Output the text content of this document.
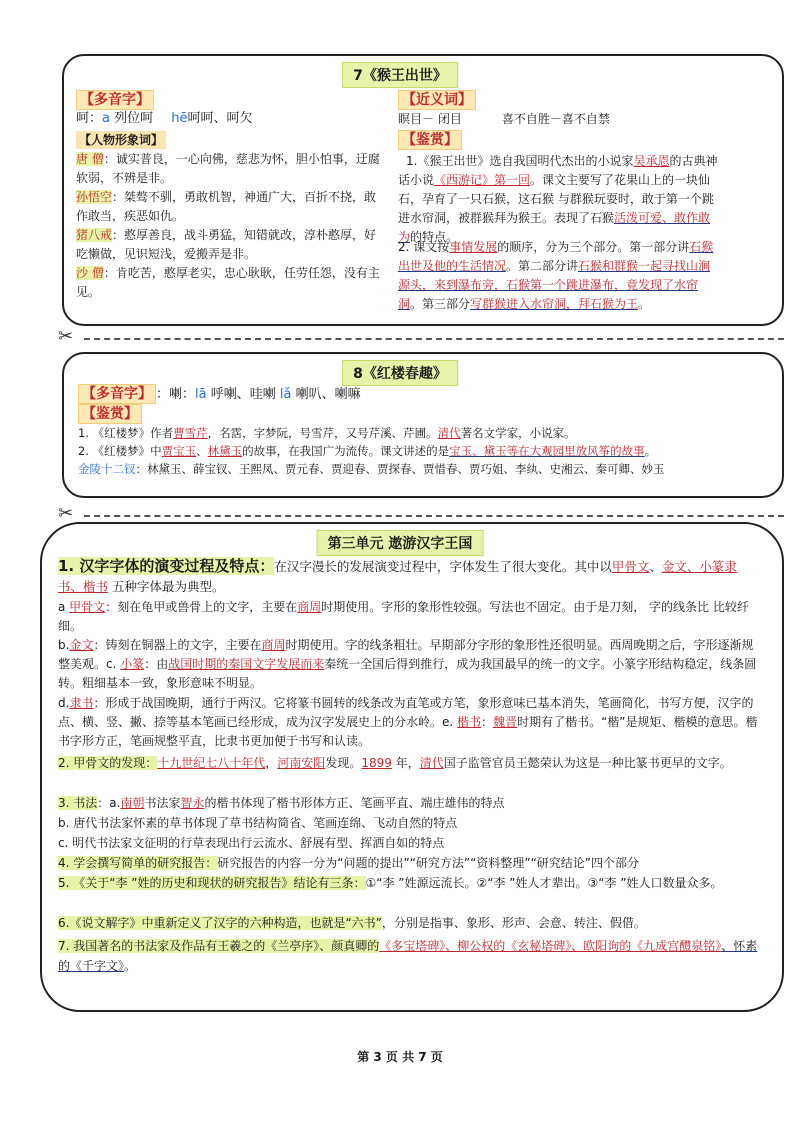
7《猴王出世》
【多音字】
呵：a 列位呵 hē呵呵、呵欠
【人物形象词】
唐 僧：诚实普良，一心向佛，慈悲为怀，胆小怕事，迂腐软弱，不辨是非。
孙悟空：桀骜不驯，勇敢机智，神通广大，百折不挠，敢作敢当，疾恶如仇。
猪八戒：憨厚善良，战斗勇猛，知错就改，淳朴憨厚，好吃懒做，见识短浅，爱搬弄是非。
沙 僧：肯吃苦，憨厚老实，忠心耿耿，任劳任怨，没有主见。
【近义词】
瞑目－ 闭目	喜不自胜－喜不自禁
【鉴赏】
1.《猴王出世》选自我国明代杰出的小说家吴承恩的古典神话小说《西游记》第一回。课文主要写了花果山上的一块仙石，孕育了一只石猴，这石猴 与群猴玩耍时，敢于第一个跳进水帘洞，被群猴拜为猴王。表现了石猴活泼可爱、敢作敢为的特点。
2. 课文按事情发展的顺序，分为三个部分。第一部分讲石猴出世及他的生活情况。第二部分讲石猴和群猴一起寻找山涧源头，来到瀑布旁，石猴第一个跳进瀑布，竟发现了水帘洞。第三部分写群猴进入水帘洞，拜石猴为王。
✂
8《红楼春趣》
【多音字】 ：喇：lā 呼喇、哇喇 lǎ 喇叭、喇嘛
【鉴赏】
1. 《红楼梦》作者曹雪芹，名霑，字梦阮，号雪芹，又号芹溪、芹圃。清代著名文学家，小说家。
2. 《红楼梦》中贾宝玉、林黛玉的故事，在我国广为流传。课文讲述的是宝玉、黛玉等在大观园里放风筝的故事。
金陵十二钗：林黛玉、薛宝钗、王熙凤、贾元春、贾迎春、贾探春、贾惜春、贾巧姐、李纨、史湘云、秦可卿、妙玉
✂
第三单元 遨游汉字王国
1. 汉字字体的演变过程及特点：在汉字漫长的发展演变过程中，字体发生了很大变化。其中以甲骨文、金文、小篆隶书、楷书 五种字体最为典型。
a 甲骨文：刻在龟甲或兽骨上的文字，主要在商周时期使用。字形的象形性较强。写法也不固定。由于是刀刻， 字的线条比 比较纤细。
b.金文：铸刻在铜器上的文字，主要在商周时期使用。字的线条粗壮。早期部分字形的象形性还很明显。西周晚期之后，字形逐渐规整美观。c. 小篆：由战国时期的秦国文字发展而来秦统一全国后得到推行，成为我国最早的统一的文字。小篆字形结构稳定，线条圆转。粗细基本一致，象形意味不明显。
d.隶书：形成于战国晚期，通行于两汉。它将篆书圆转的线条改为直笔或方笔，象形意味已基本消失，笔画简化，书写方便，汉字的点、横、竖、撇、捺等基本笔画已经形成，成为汉字发展史上的分水岭。e. 楷书：魏晋时期有了楷书。“楷”是规矩、楷模的意思。楷书字形方正，笔画规整平直，比隶书更加便于书写和认读。
2. 甲骨文的发现：十九世纪七八十年代，河南安阳发现。1899 年，清代国子监管官员王懿荣认为这是一种比篆书更早的文字。
3. 书法：a.南朝书法家智永的楷书体现了楷书形体方正、笔画平直、端庄雄伟的特点
b. 唐代书法家怀素的草书体现了草书结构简省、笔画连绵、飞动自然的特点
c. 明代书法家文征明的行草表现出行云流水、舒展有型、挥洒自如的特点
4. 学会撰写简单的研究报告：研究报告的内容一分为“问题的提出”“研究方法”“资料整理”“研究结论”四个部分
5. 《关于“李 ”姓的历史和现状的研究报告》结论有三条：①“李 ”姓源远流长。②“李 ”姓人才辈出。③“李 ”姓人口数量众多。
6.《说文解字》中重新定义了汉字的六种构造，也就是“六书”，分别是指事、象形、形声、会意、转注、假借。
7. 我国著名的书法家及作品有王羲之的《兰亭序》、颜真卿的《多宝塔碑》、柳公权的《玄秘塔碑》、欧阳询的《九成宫醴泉铭》、怀素的《千字文》。
第 3 页 共 7 页
